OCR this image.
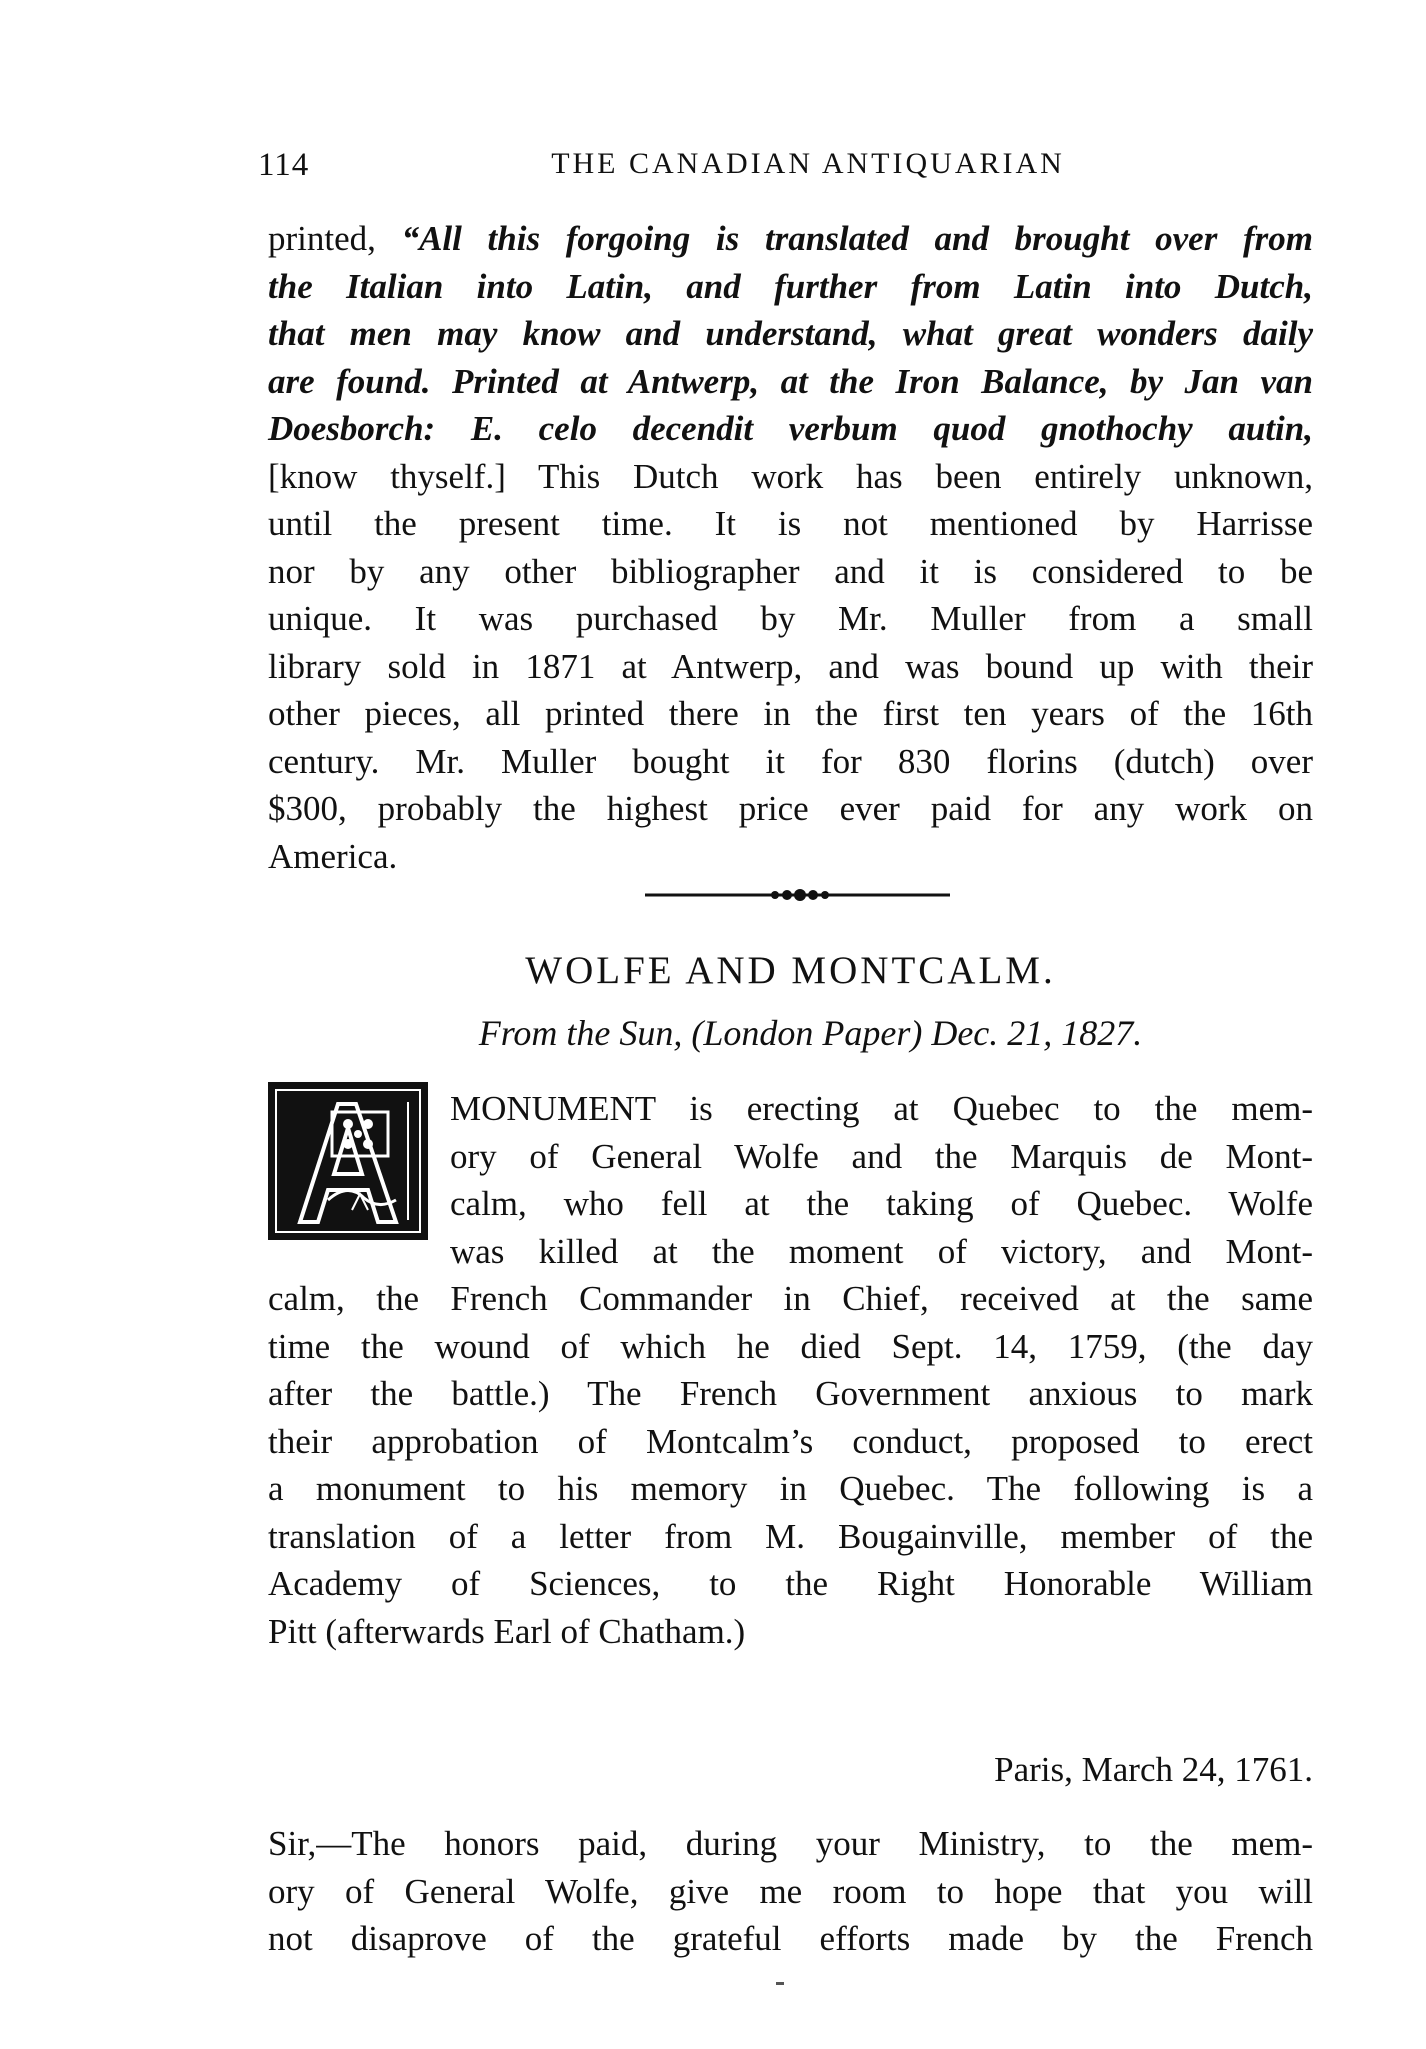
114	THE CANADIAN ANTIQUARIAN
printed, “All this forgoing is translated and brought over from
the Italian into Latin, and further from Latin into Dutch,
that men may know and understand, what great wonders daily
are found. Printed at Antwerp, at the Iron Balance, by Jan van
Doesborch: E. celo decendit verbum quod gnothochy autin,
[know thyself.] This Dutch work has been entirely unknown,
until the present time. It is not mentioned by Harrisse
nor by any other bibliographer and it is considered to be
unique. It was purchased by Mr. Muller from a small
library sold in 1871 at Antwerp, and was bound up with their
other pieces, all printed there in the first ten years of the 16th
century. Mr. Muller bought it for 830 florins (dutch) over
$300, probably the highest price ever paid for any work on
America.
WOLFE AND MONTCALM.

From the Sun, (London Paper) Dec. 21, 1827.

MONUMENT is erecting at Quebec to the mem-
ory of General Wolfe and the Marquis de Mont-
calm, who fell at the taking of Quebec. Wolfe
was killed at the moment of victory, and Mont-
calm, the French Commander in Chief, received at the same
time the wound of which he died Sept. 14, 1759, (the day
after the battle.) The French Government anxious to mark
their approbation of Montcalm’s conduct, proposed to erect
a monument to his memory in Quebec. The following is a
translation of a letter from M. Bougainville, member of the
Academy of Sciences, to the Right Honorable William
Pitt (afterwards Earl of Chatham.)

Paris, March 24, 1761.

Sir,—The honors paid, during your Ministry, to the mem-
ory of General Wolfe, give me room to hope that you will
not disaprove of the grateful efforts made by the French
